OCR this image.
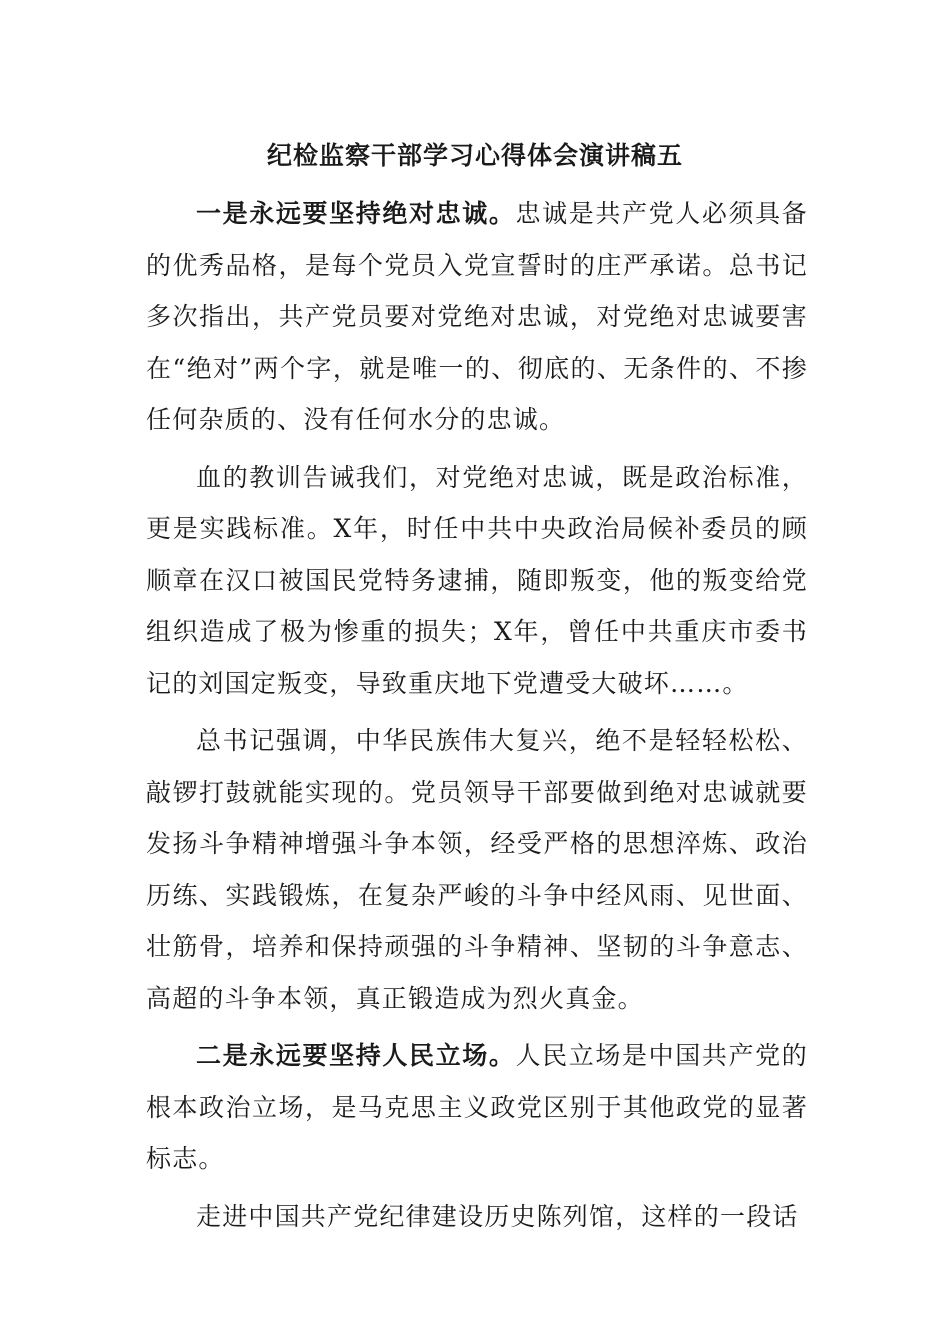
纪检监察干部学习心得体会演讲稿五

一是永远要坚持绝对忠诚。忠诚是共产党人必须具备的优秀品格，是每个党员入党宣誓时的庄严承诺。总书记多次指出，共产党员要对党绝对忠诚，对党绝对忠诚要害在“绝对”两个字，就是唯一的、彻底的、无条件的、不掺任何杂质的、没有任何水分的忠诚。

血的教训告诫我们，对党绝对忠诚，既是政治标准，更是实践标准。X年，时任中共中央政治局候补委员的顾顺章在汉口被国民党特务逮捕，随即叛变，他的叛变给党组织造成了极为惨重的损失；X年，曾任中共重庆市委书记的刘国定叛变，导致重庆地下党遭受大破坏……。

总书记强调，中华民族伟大复兴，绝不是轻轻松松、敲锣打鼓就能实现的。党员领导干部要做到绝对忠诚就要发扬斗争精神增强斗争本领，经受严格的思想淬炼、政治历练、实践锻炼，在复杂严峻的斗争中经风雨、见世面、壮筋骨，培养和保持顽强的斗争精神、坚韧的斗争意志、高超的斗争本领，真正锻造成为烈火真金。

二是永远要坚持人民立场。人民立场是中国共产党的根本政治立场，是马克思主义政党区别于其他政党的显著标志。

走进中国共产党纪律建设历史陈列馆，这样的一段话
